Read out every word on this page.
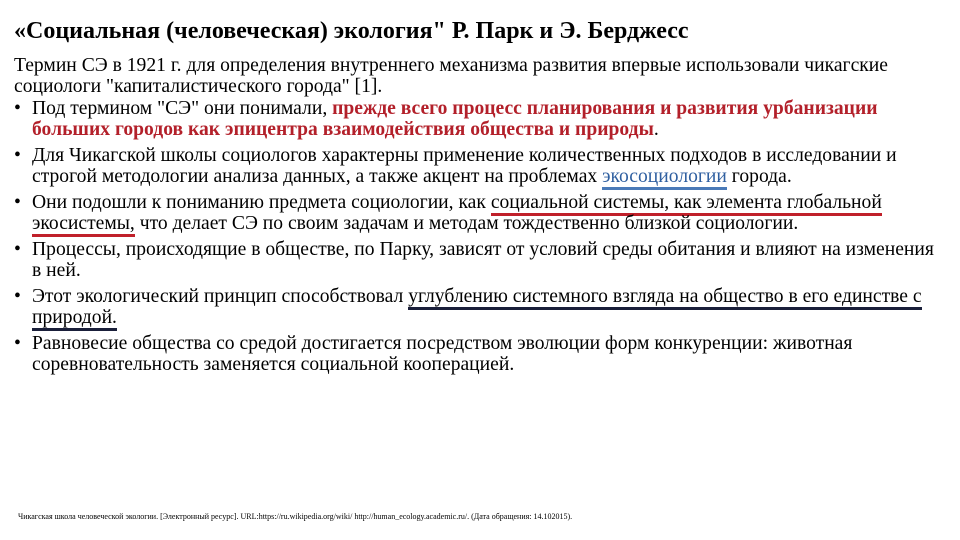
«Социальная (человеческая) экология" Р. Парк и Э. Берджесс

Термин СЭ в 1921 г. для определения внутреннего механизма развития впервые использовали чикагские социологи "капиталистического города" [1].

• Под термином "СЭ" они понимали, прежде всего процесс планирования и развития урбанизации больших городов как эпицентра взаимодействия общества и природы.
• Для Чикагской школы социологов характерны применение количественных подходов в исследовании и строгой методологии анализа данных, а также акцент на проблемах экосоциологии города.
• Они подошли к пониманию предмета социологии, как социальной системы, как элемента глобальной экосистемы, что делает СЭ по своим задачам и методам тождественно близкой социологии.
• Процессы, происходящие в обществе, по Парку, зависят от условий среды обитания и влияют на изменения в ней.
• Этот экологический принцип способствовал углублению системного взгляда на общество в его единстве с природой.
• Равновесие общества со средой достигается посредством эволюции форм конкуренции: животная соревновательность заменяется социальной кооперацией.
Чикагская школа человеческой экологии. [Электронный ресурс]. URL:https://ru.wikipedia.org/wiki/ http://human_ecology.academic.ru/. (Дата обращения: 14.102015).
